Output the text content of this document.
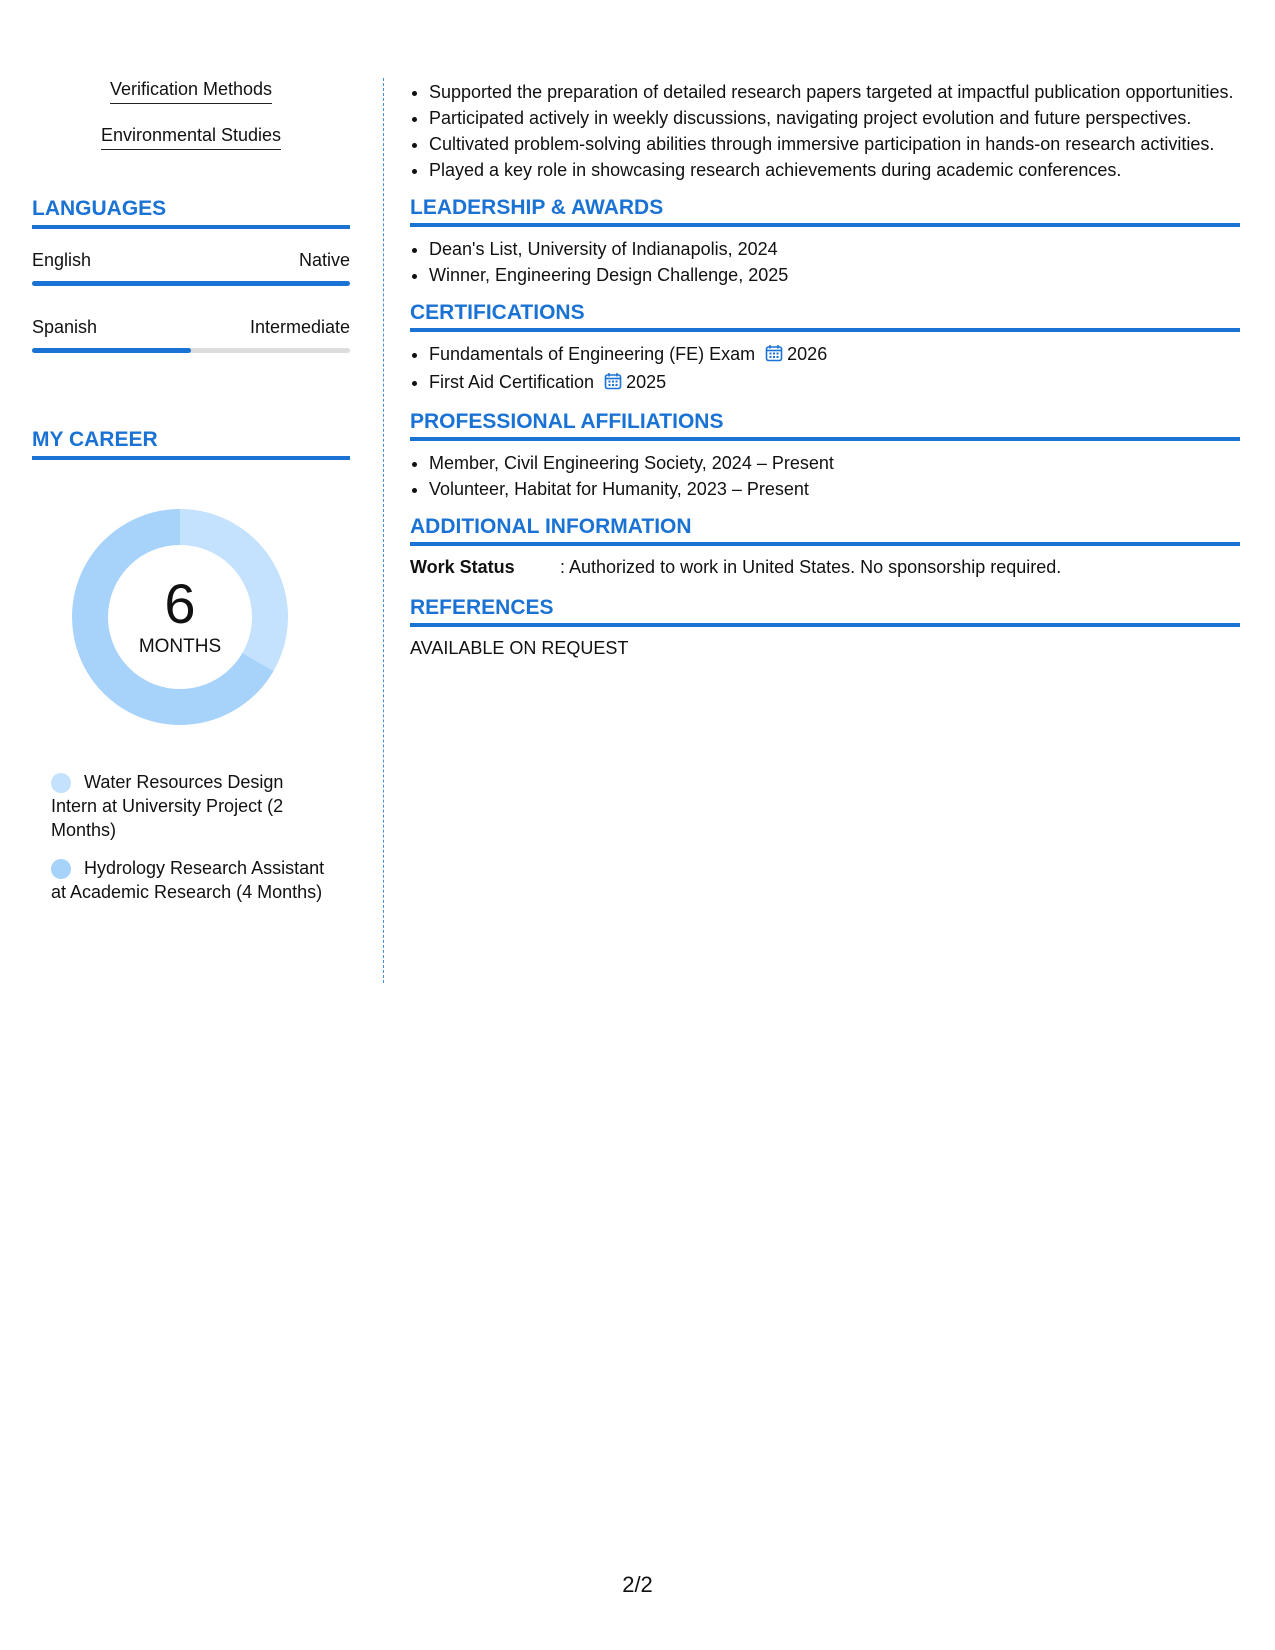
Verification Methods
Environmental Studies
LANGUAGES
English	Native
Spanish	Intermediate
MY CAREER
6
MONTHS
Water Resources Design Intern at University Project (2 Months)
Hydrology Research Assistant at Academic Research (4 Months)
• Supported the preparation of detailed research papers targeted at impactful publication opportunities.
• Participated actively in weekly discussions, navigating project evolution and future perspectives.
• Cultivated problem-solving abilities through immersive participation in hands-on research activities.
• Played a key role in showcasing research achievements during academic conferences.
LEADERSHIP & AWARDS
• Dean's List, University of Indianapolis, 2024
• Winner, Engineering Design Challenge, 2025
CERTIFICATIONS
• Fundamentals of Engineering (FE) Exam 2026
• First Aid Certification 2025
PROFESSIONAL AFFILIATIONS
• Member, Civil Engineering Society, 2024 – Present
• Volunteer, Habitat for Humanity, 2023 – Present
ADDITIONAL INFORMATION
Work Status	: Authorized to work in United States. No sponsorship required.
REFERENCES
AVAILABLE ON REQUEST
2/2
